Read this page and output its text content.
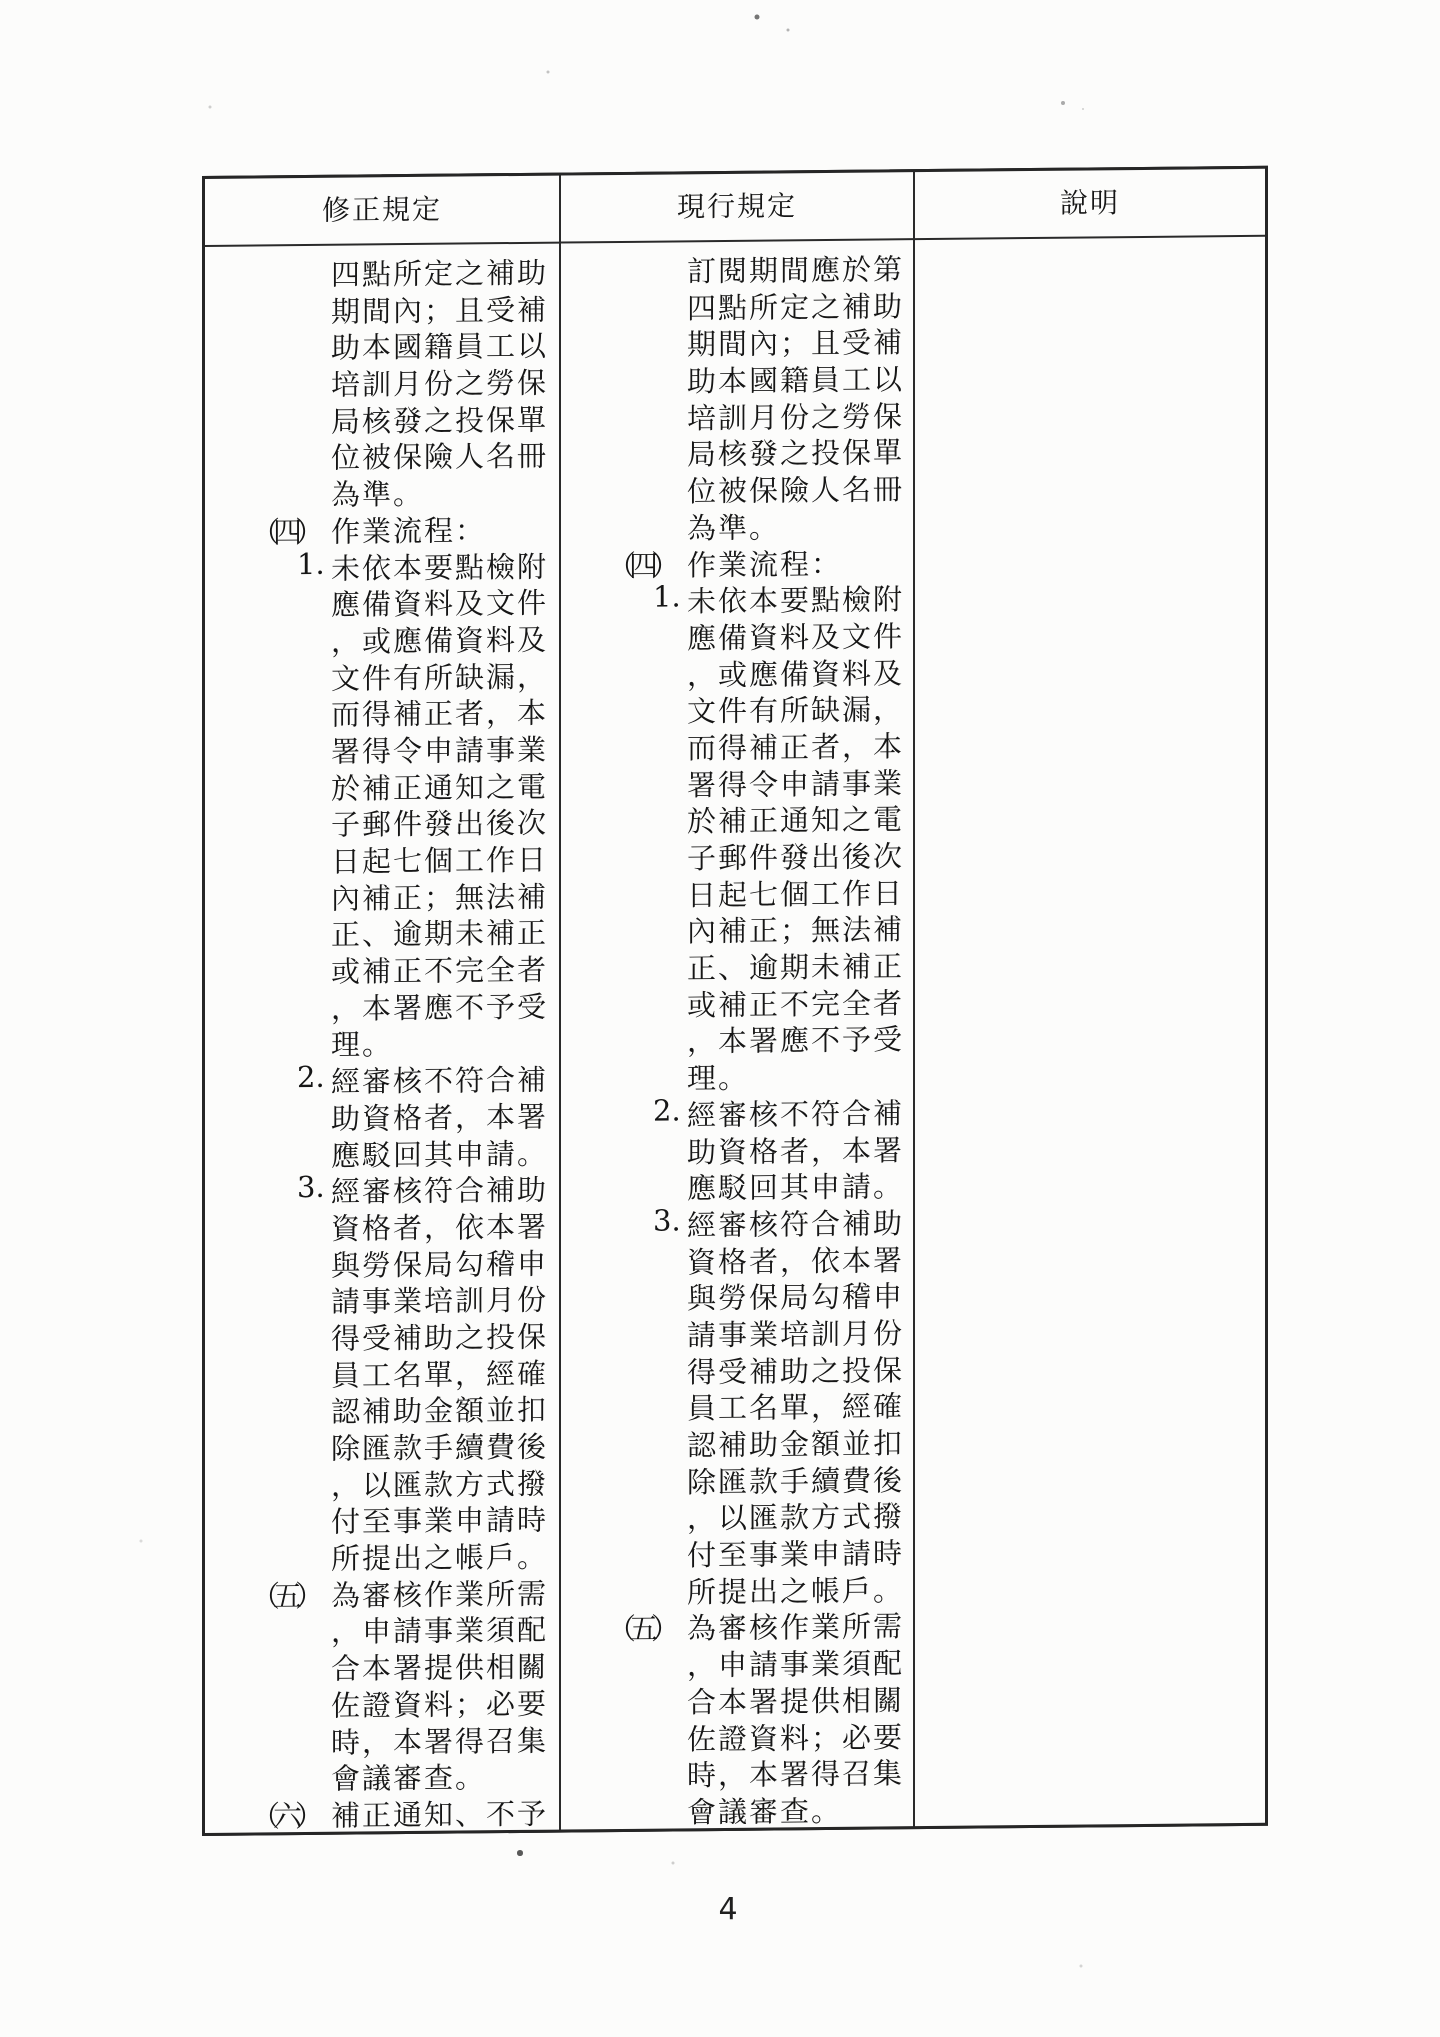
修正規定	現行規定	說明
四點所定之補助
期間內；且受補
助本國籍員工以
培訓月份之勞保
局核發之投保單
位被保險人名冊
為準。
（四） 作業流程：
1. 未依本要點檢附
應備資料及文件
，或應備資料及
文件有所缺漏，
而得補正者，本
署得令申請事業
於補正通知之電
子郵件發出後次
日起七個工作日
內補正；無法補
正、逾期未補正
或補正不完全者
，本署應不予受
理。
2. 經審核不符合補
助資格者，本署
應駁回其申請。
3. 經審核符合補助
資格者，依本署
與勞保局勾稽申
請事業培訓月份
得受補助之投保
員工名單，經確
認補助金額並扣
除匯款手續費後
，以匯款方式撥
付至事業申請時
所提出之帳戶。
（五） 為審核作業所需
，申請事業須配
合本署提供相關
佐證資料；必要
時，本署得召集
會議審查。
（六） 補正通知、不予
訂閱期間應於第
四點所定之補助
期間內；且受補
助本國籍員工以
培訓月份之勞保
局核發之投保單
位被保險人名冊
為準。
（四） 作業流程：
1. 未依本要點檢附
應備資料及文件
，或應備資料及
文件有所缺漏，
而得補正者，本
署得令申請事業
於補正通知之電
子郵件發出後次
日起七個工作日
內補正；無法補
正、逾期未補正
或補正不完全者
，本署應不予受
理。
2. 經審核不符合補
助資格者，本署
應駁回其申請。
3. 經審核符合補助
資格者，依本署
與勞保局勾稽申
請事業培訓月份
得受補助之投保
員工名單，經確
認補助金額並扣
除匯款手續費後
，以匯款方式撥
付至事業申請時
所提出之帳戶。
（五） 為審核作業所需
，申請事業須配
合本署提供相關
佐證資料；必要
時，本署得召集
會議審查。
4
